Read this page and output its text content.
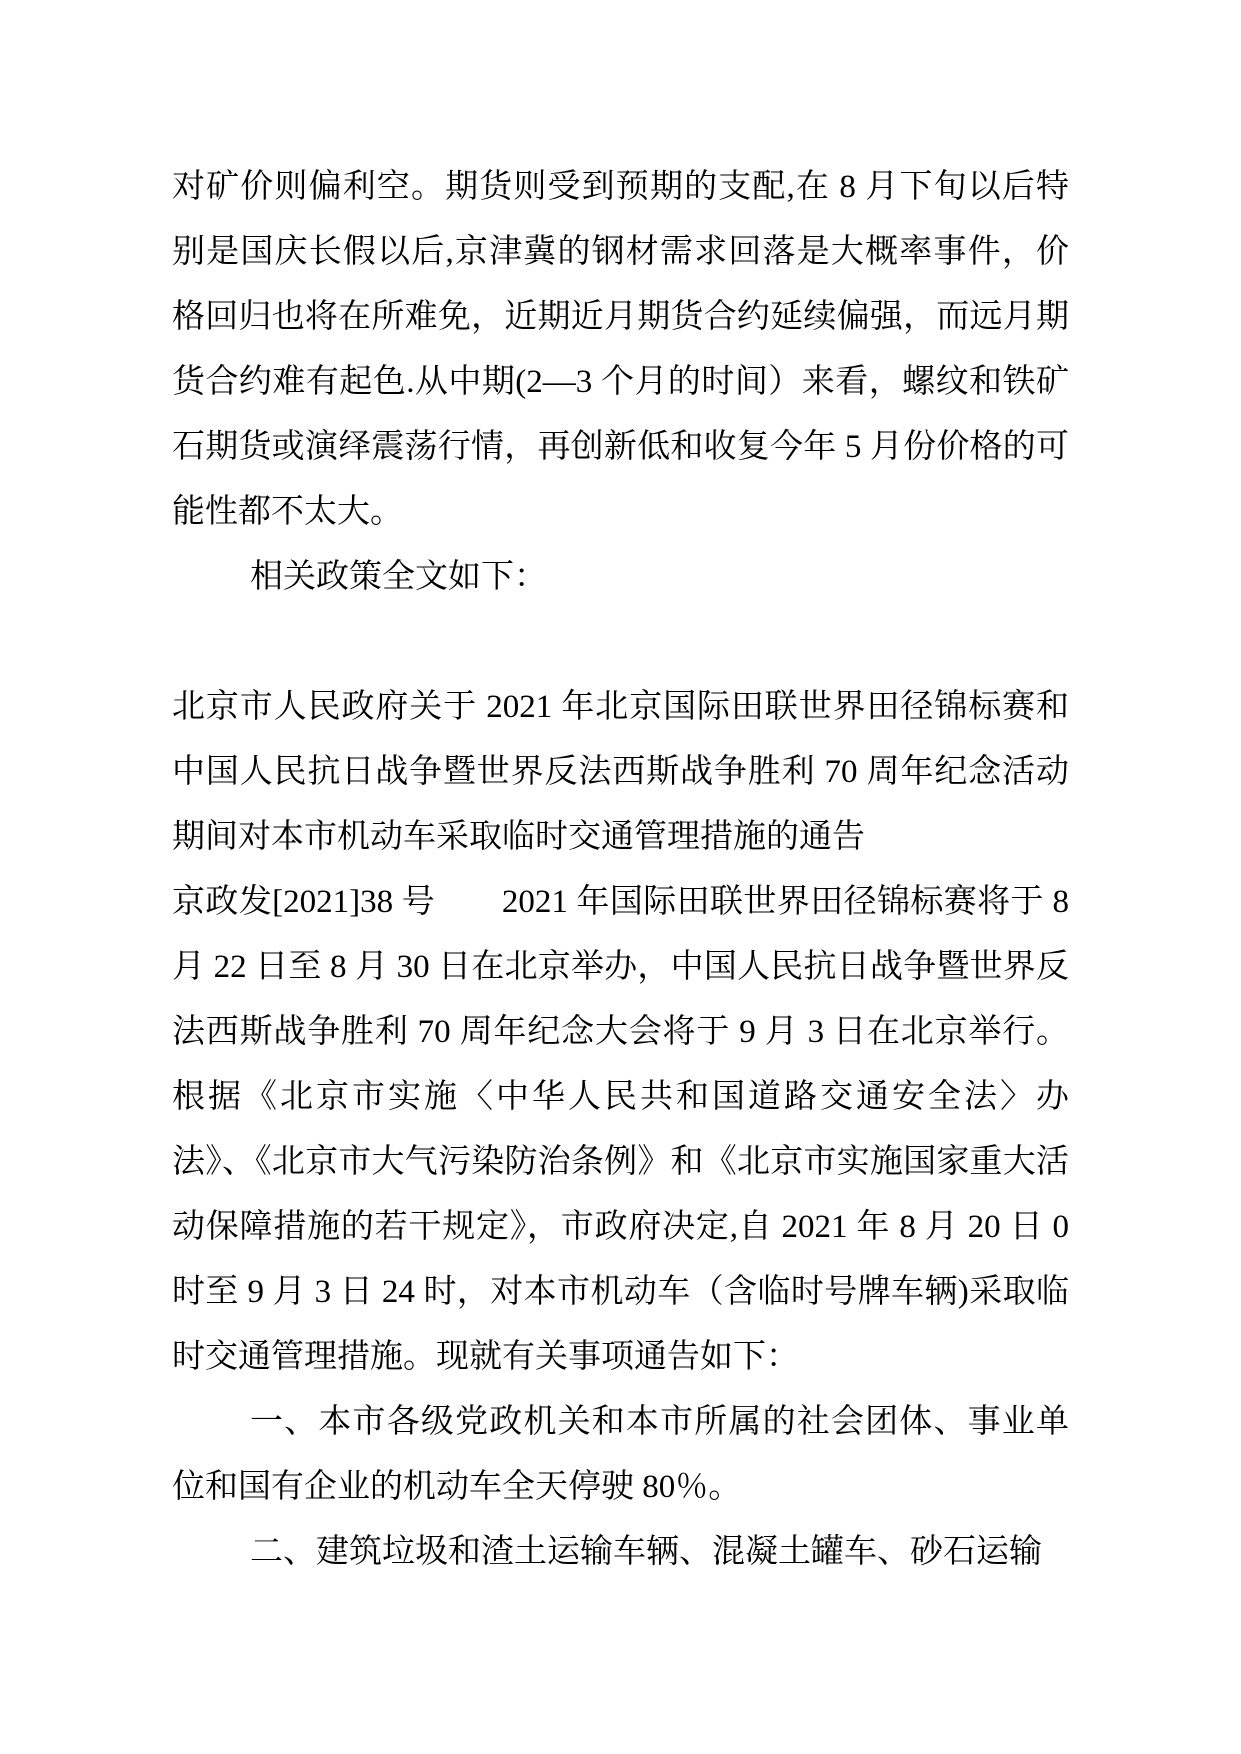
对矿价则偏利空。期货则受到预期的支配,在 8 月下旬以后特别是国庆长假以后,京津冀的钢材需求回落是大概率事件，价格回归也将在所难免，近期近月期货合约延续偏强，而远月期货合约难有起色.从中期(2—3 个月的时间）来看，螺纹和铁矿石期货或演绎震荡行情，再创新低和收复今年 5 月份价格的可能性都不太大。

相关政策全文如下：

北京市人民政府关于 2021 年北京国际田联世界田径锦标赛和中国人民抗日战争暨世界反法西斯战争胜利 70 周年纪念活动期间对本市机动车采取临时交通管理措施的通告

京政发[2021]38 号　　2021 年国际田联世界田径锦标赛将于 8 月 22 日至 8 月 30 日在北京举办，中国人民抗日战争暨世界反法西斯战争胜利 70 周年纪念大会将于 9 月 3 日在北京举行。根据《北京市实施〈中华人民共和国道路交通安全法〉办法》、《北京市大气污染防治条例》和《北京市实施国家重大活动保障措施的若干规定》，市政府决定,自 2021 年 8 月 20 日 0 时至 9 月 3 日 24 时，对本市机动车（含临时号牌车辆)采取临时交通管理措施。现就有关事项通告如下：

一、本市各级党政机关和本市所属的社会团体、事业单位和国有企业的机动车全天停驶 80％。

二、建筑垃圾和渣土运输车辆、混凝土罐车、砂石运输
